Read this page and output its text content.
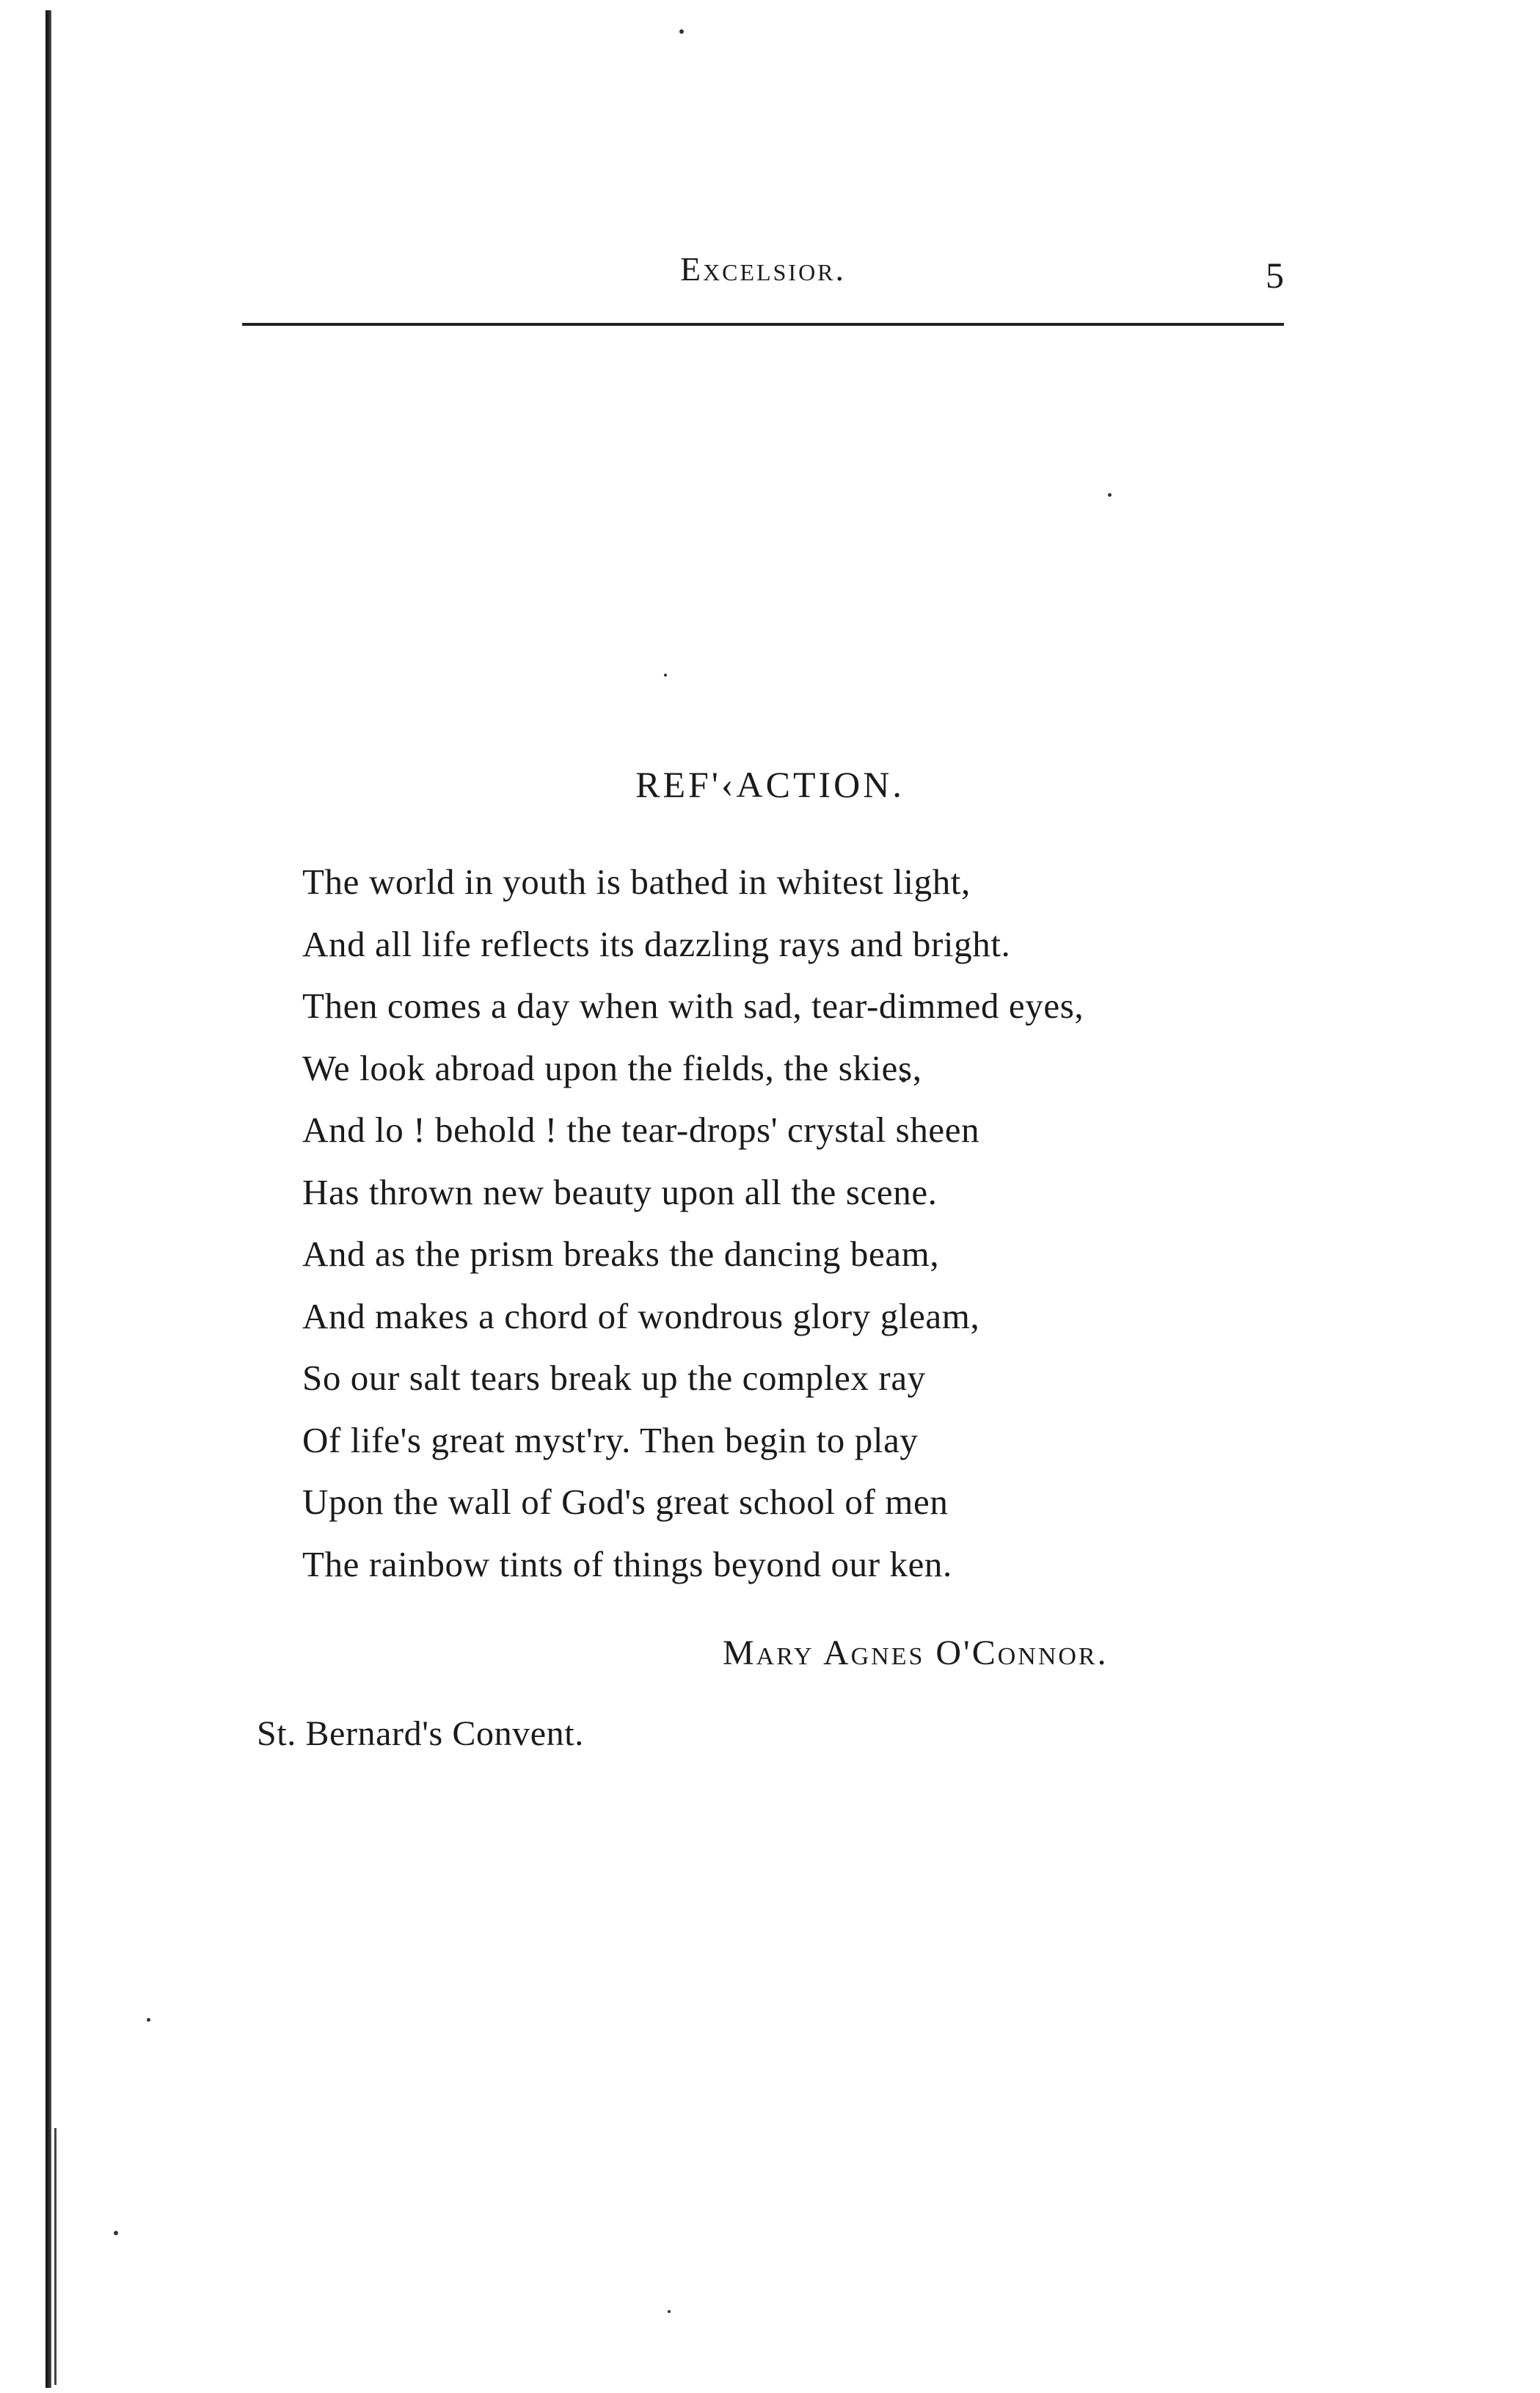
Excelsior.	5
REF'‹ACTION.
The world in youth is bathed in whitest light,
And all life reflects its dazzling rays and bright.
Then comes a day when with sad, tear-dimmed eyes,
We look abroad upon the fields, the skies,
And lo ! behold ! the tear-drops' crystal sheen
Has thrown new beauty upon all the scene.
And as the prism breaks the dancing beam,
And makes a chord of wondrous glory gleam,
So our salt tears break up the complex ray
Of life's great myst'ry. Then begin to play
Upon the wall of God's great school of men
The rainbow tints of things beyond our ken.
Mary Agnes O'Connor.
St. Bernard's Convent.
